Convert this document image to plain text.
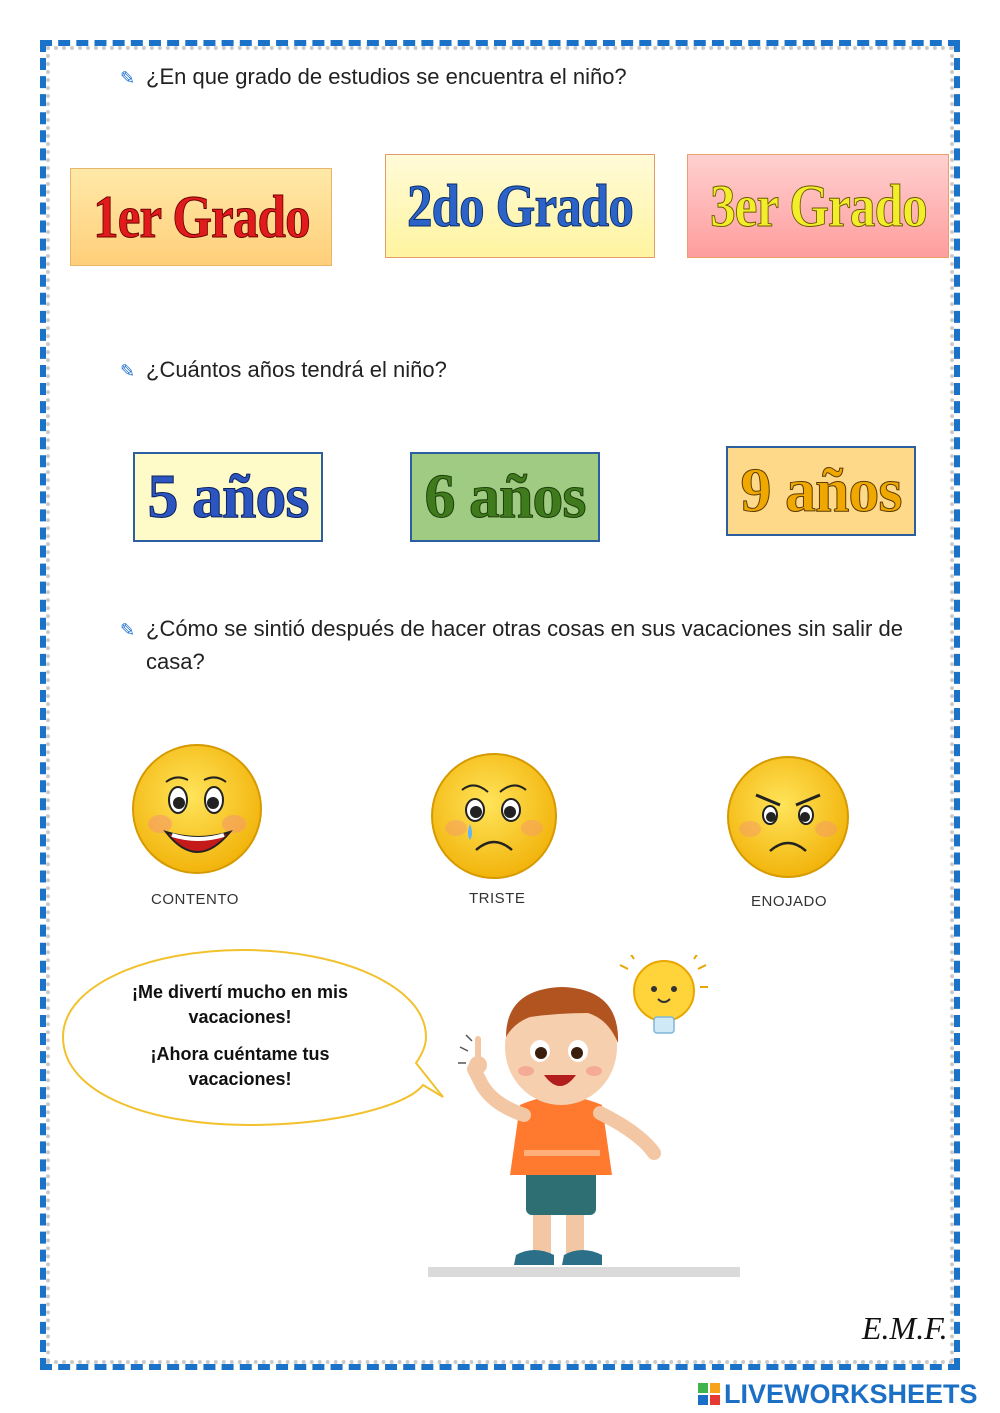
✎ ¿En que grado de estudios se encuentra el niño?
1er Grado 2do Grado 3er Grado
✎ ¿Cuántos años tendrá el niño?
5 años 6 años 9 años
✎ ¿Cómo se sintió después de hacer otras cosas en sus vacaciones sin salir de casa?
CONTENTO	TRISTE	ENOJADO

¡Me divertí mucho en mis vacaciones!

¡Ahora cuéntame tus vacaciones!

E.M.F.
LIVEWORKSHEETS
